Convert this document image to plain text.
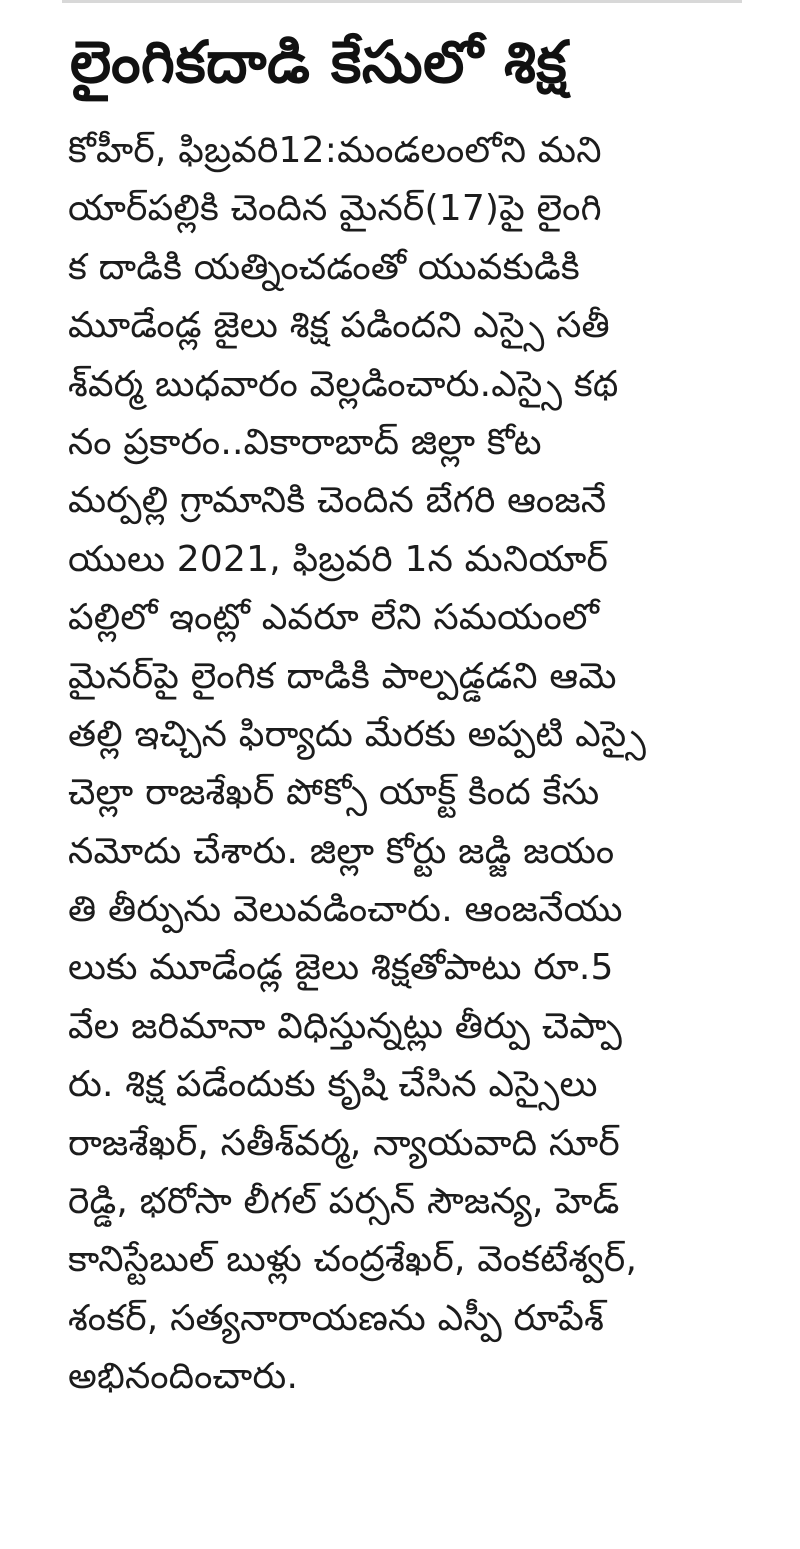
లైంగికదాడి కేసులో శిక్ష
కోహీర్, ఫిబ్రవరి12:మండలంలోని మని
యార్‌పల్లికి చెందిన మైనర్(17)పై లైంగి
క దాడికి యత్నించడంతో యువకుడికి
మూడేండ్ల జైలు శిక్ష పడిందని ఎస్సై సతీ
శ్‌వర్మ బుధవారం వెల్లడించారు.ఎస్సై కథ
నం ప్రకారం..వికారాబాద్ జిల్లా కోట
మర్పల్లి గ్రామానికి చెందిన బేగరి ఆంజనే
యులు 2021, ఫిబ్రవరి 1న మనియార్
పల్లిలో ఇంట్లో ఎవరూ లేని సమయంలో
మైనర్‌పై లైంగిక దాడికి పాల్పడ్డడని ఆమె
తల్లి ఇచ్చిన ఫిర్యాదు మేరకు అప్పటి ఎస్సై
చెల్లా రాజశేఖర్ పోక్సో యాక్ట్ కింద కేసు
నమోదు చేశారు. జిల్లా కోర్టు జడ్జి జయం
తి తీర్పును వెలువడించారు. ఆంజనేయు
లుకు మూడేండ్ల జైలు శిక్షతోపాటు రూ.5
వేల జరిమానా విధిస్తున్నట్లు తీర్పు చెప్పా
రు. శిక్ష పడేందుకు కృషి చేసిన ఎస్సైలు
రాజశేఖర్, సతీశ్‌వర్మ, న్యాయవాది సూర్
రెడ్డి, భరోసా లీగల్ పర్సన్ సౌజన్య, హెడ్
కానిస్టేబుల్ బుళ్లు చంద్రశేఖర్, వెంకటేశ్వర్,
శంకర్, సత్యనారాయణను ఎస్పీ రూపేశ్
అభినందించారు.
